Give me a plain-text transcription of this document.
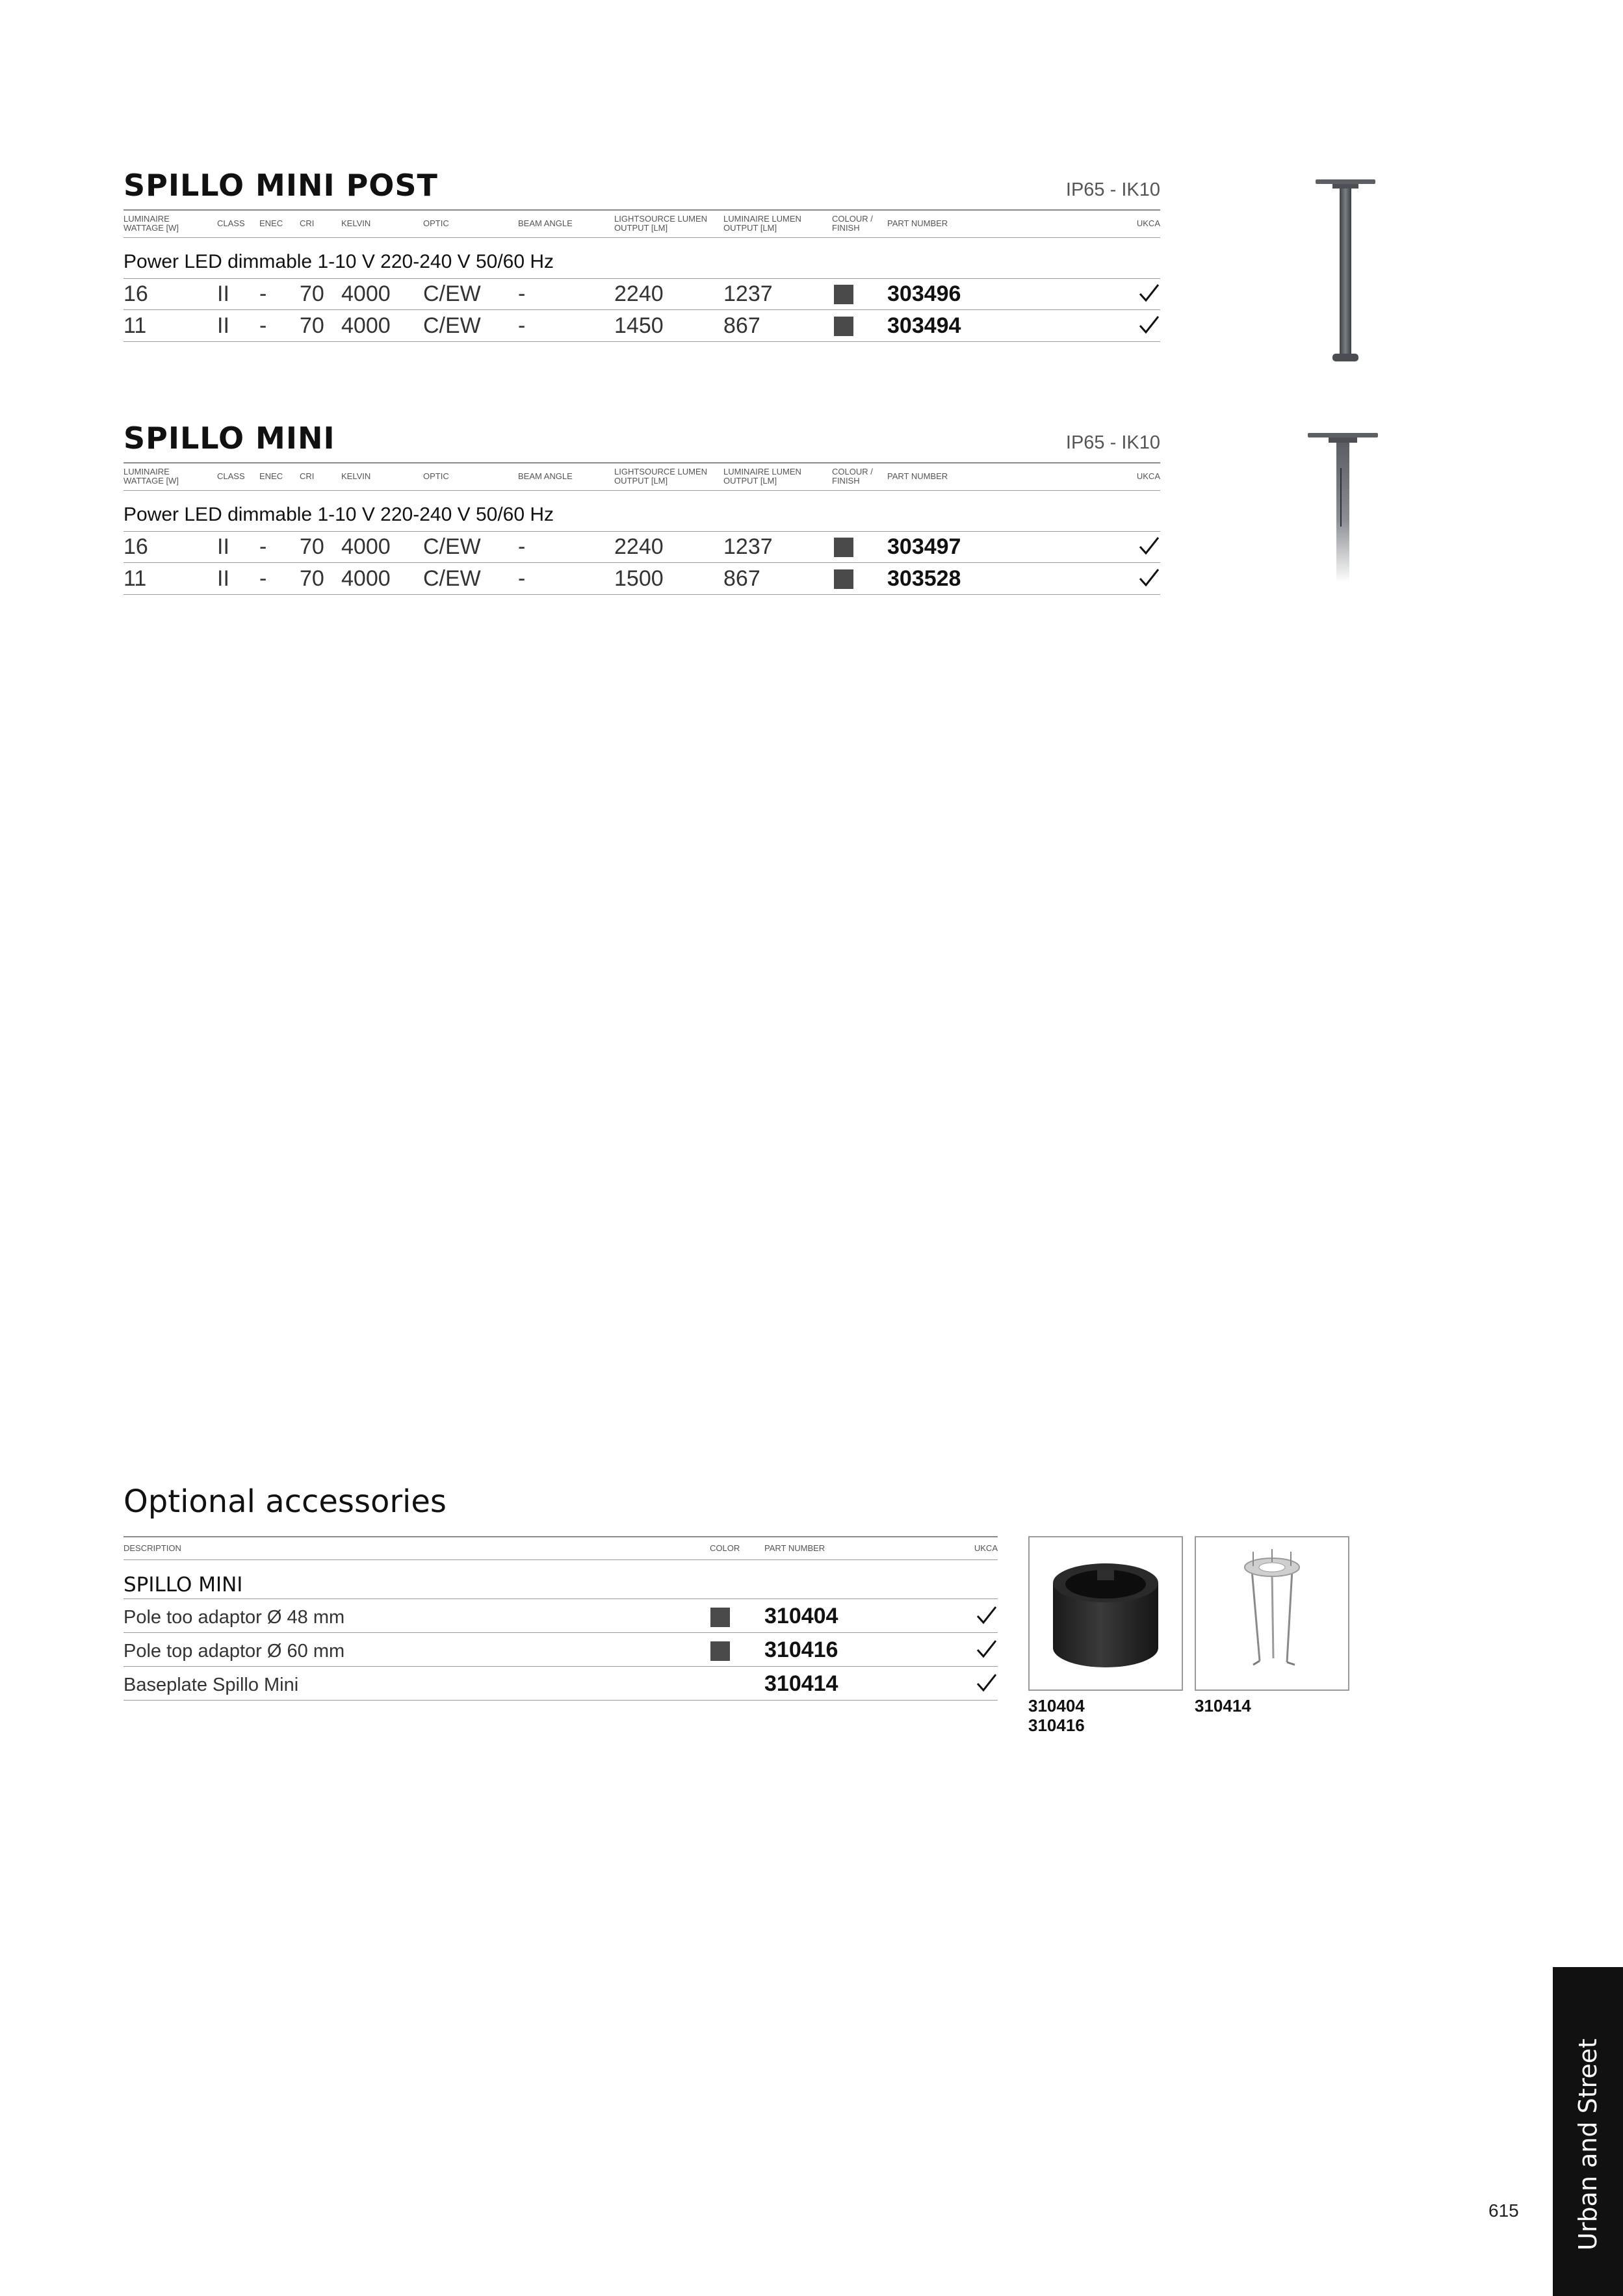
SPILLO MINI POST	IP65 - IK10
LUMINAIRE
WATTAGE [W]	CLASS ENEC CRI	KELVIN	OPTIC	BEAM ANGLE	LIGHTSOURCE LUMEN
OUTPUT [LM]
LUMINAIRE LUMEN
OUTPUT [LM]
COLOUR /
FINISH	PART NUMBER	UKCA
Power LED dimmable 1-10 V 220-240 V 50/60 Hz
16	II - 70 4000 C/EW -	2240	1237	303496
11	II - 70 4000 C/EW -	1450	867	303494
SPILLO MINI	IP65 - IK10
LUMINAIRE
WATTAGE [W]	CLASS ENEC CRI	KELVIN	OPTIC	BEAM ANGLE	LIGHTSOURCE LUMEN
OUTPUT [LM]
LUMINAIRE LUMEN
OUTPUT [LM]
COLOUR /
FINISH	PART NUMBER	UKCA
Power LED dimmable 1-10 V 220-240 V 50/60 Hz
16	II - 70 4000 C/EW -	2240	1237	303497
11	II - 70 4000 C/EW -	1500	867	303528
Optional accessories
DESCRIPTION	COLOR	PART NUMBER	UKCA
SPILLO MINI
Pole too adaptor Ø 48 mm	310404
Pole top adaptor Ø 60 mm	310416
Baseplate Spillo Mini	310414
310404
310416
310414
615	Urban and Street
